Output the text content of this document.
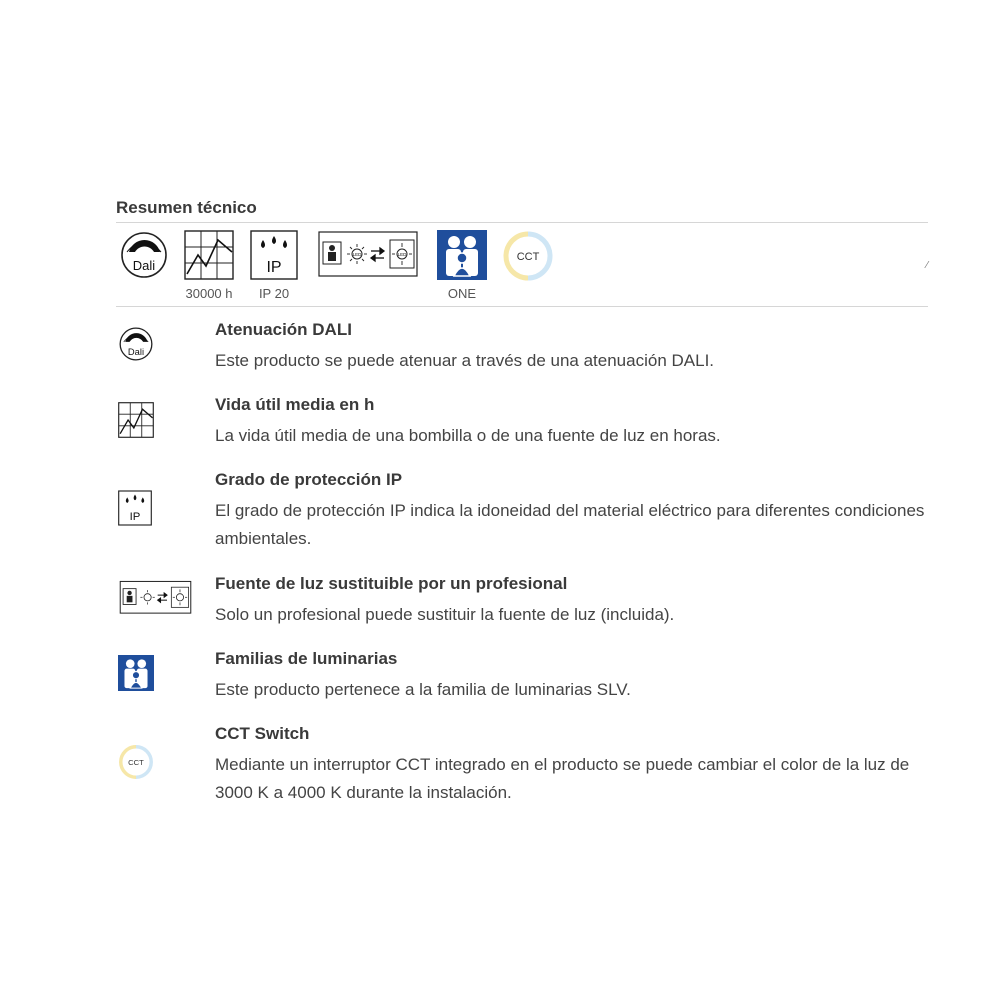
Resumen técnico
Dali
30000 h
IP
IP 20
LED	LED
ONE
CCT
⁄
Dali
Atenuación DALI
Este producto se puede atenuar a través de una atenuación DALI.
Vida útil media en h
La vida útil media de una bombilla o de una fuente de luz en horas.
IP
Grado de protección IP
El grado de protección IP indica la idoneidad del material eléctrico para diferentes condiciones ambientales.
Fuente de luz sustituible por un profesional
Solo un profesional puede sustituir la fuente de luz (incluida).
Familias de luminarias
Este producto pertenece a la familia de luminarias SLV.
CCT
CCT Switch
Mediante un interruptor CCT integrado en el producto se puede cambiar el color de la luz de 3000 K a 4000 K durante la instalación.
